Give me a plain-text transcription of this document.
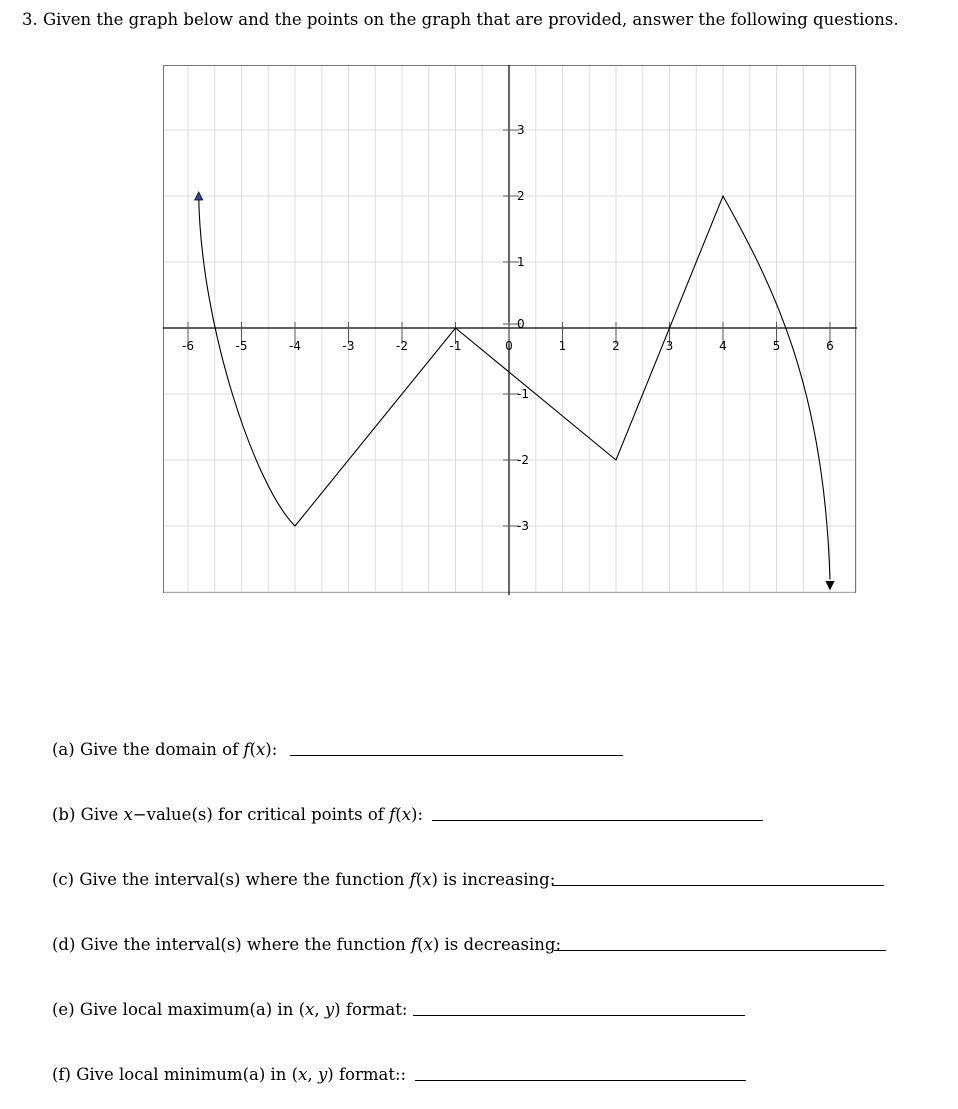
3. Given the graph below and the points on the graph that are provided, answer the following questions.
-6	-5	-4	-3	-2	-1	0	1	2	3	4	5	6
-3
-2
-1
1
2
3
0
(a) Give the domain of f(x):
(b) Give x−value(s) for critical points of f(x):
(c) Give the interval(s) where the function f(x) is increasing:
(d) Give the interval(s) where the function f(x) is decreasing:
(e) Give local maximum(a) in (x, y) format:
(f) Give local minimum(a) in (x, y) format::
